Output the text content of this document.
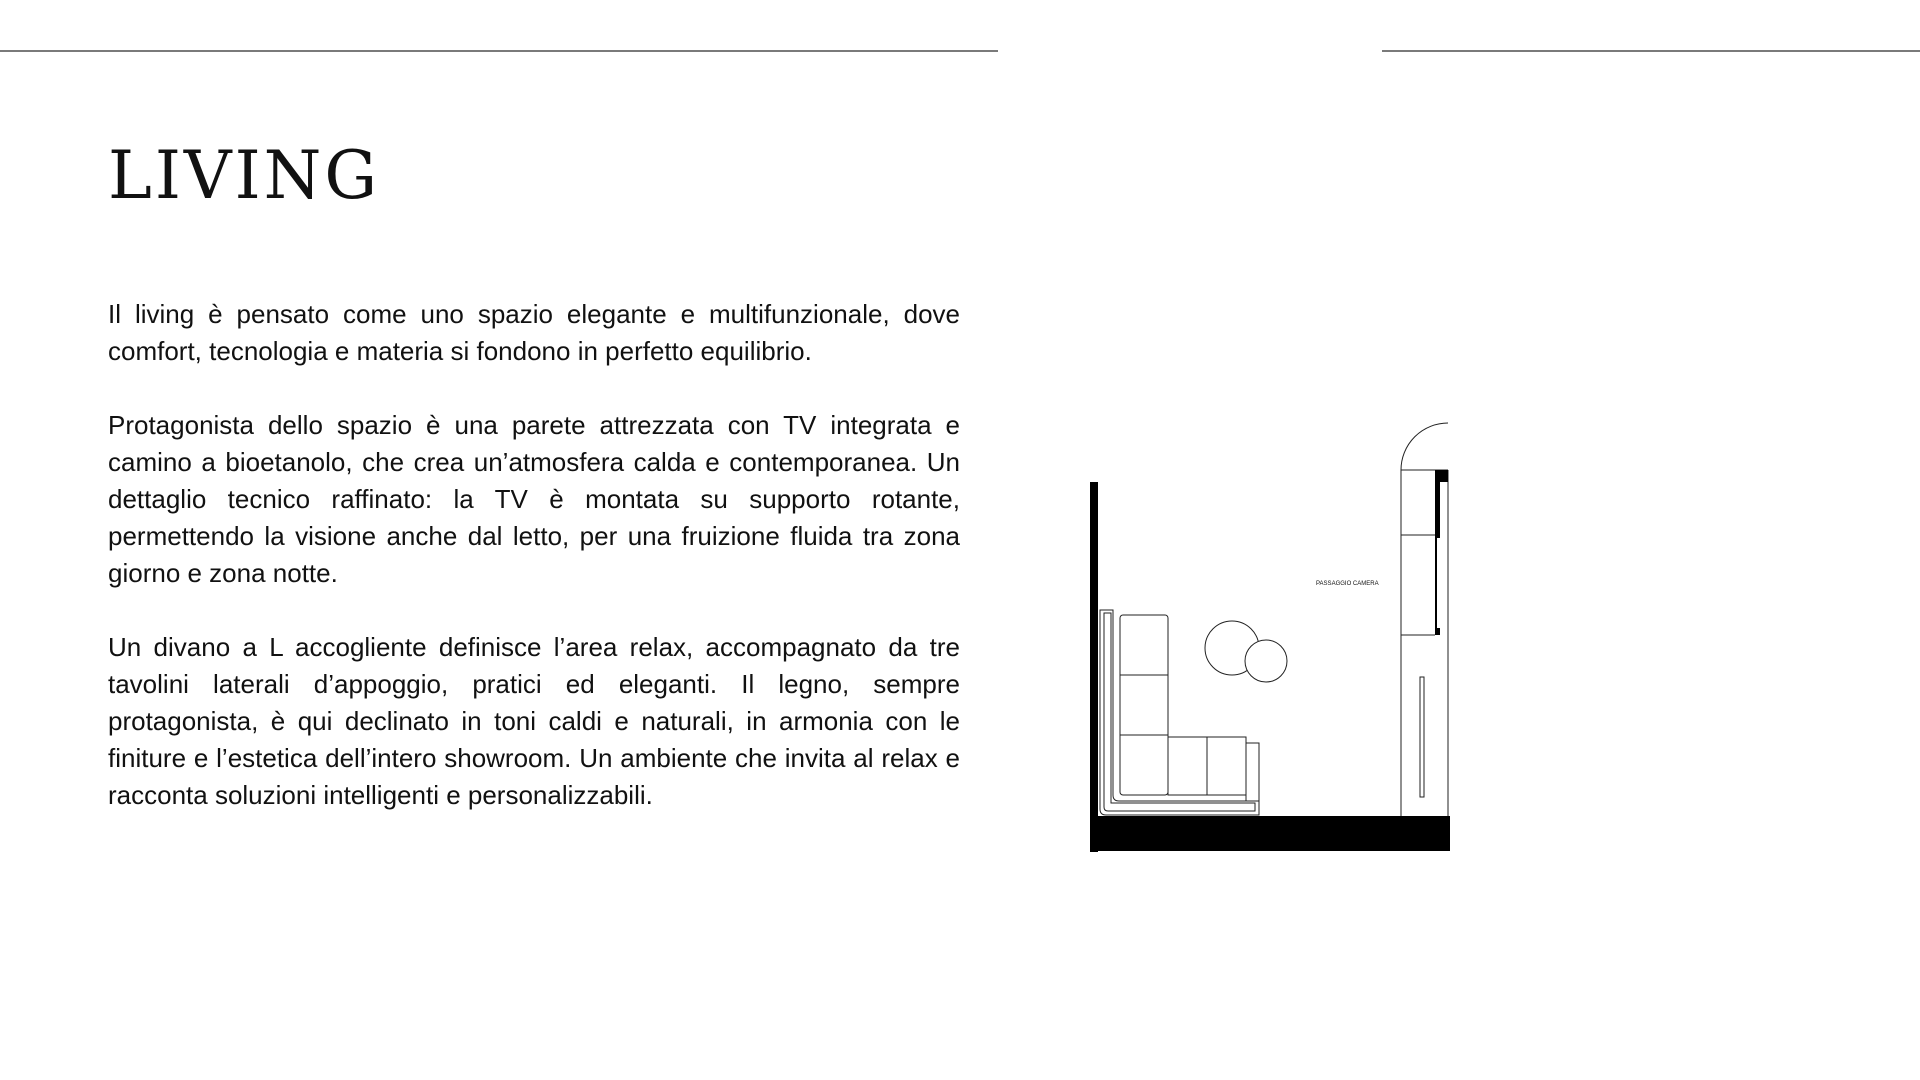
LIVING

Il living è pensato come uno spazio elegante e multifunzionale, dove comfort, tecnologia e materia si fondono in perfetto equilibrio.

Protagonista dello spazio è una parete attrezzata con TV integrata e camino a bioetanolo, che crea un’atmosfera calda e contemporanea. Un dettaglio tecnico raffinato: la TV è montata su supporto rotante, permettendo la visione anche dal letto, per una fruizione fluida tra zona giorno e zona notte.

Un divano a L accogliente definisce l’area relax, accompagnato da tre tavolini laterali d’appoggio, pratici ed eleganti. Il legno, sempre protagonista, è qui declinato in toni caldi e naturali, in armonia con le finiture e l’estetica dell’intero showroom. Un ambiente che invita al relax e racconta soluzioni intelligenti e personalizzabili.

PASSAGGIO CAMERA
